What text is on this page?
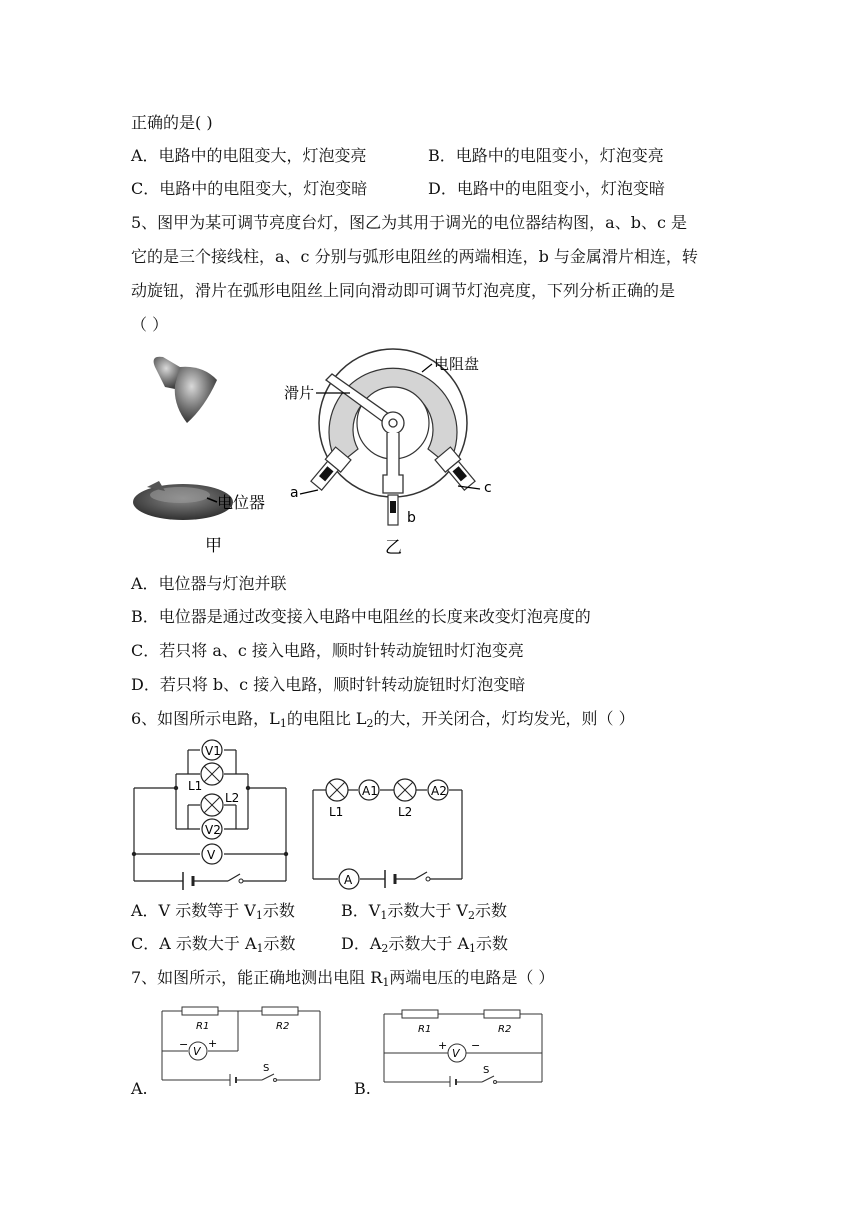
正确的是( )
A．电路中的电阻变大，灯泡变亮	B．电路中的电阻变小，灯泡变亮
C．电路中的电阻变大，灯泡变暗	D．电路中的电阻变小，灯泡变暗
5、图甲为某可调节亮度台灯，图乙为其用于调光的电位器结构图，a、b、c 是
它的是三个接线柱，a、c 分别与弧形电阻丝的两端相连，b 与金属滑片相连，转
动旋钮，滑片在弧形电阻丝上同向滑动即可调节灯泡亮度，下列分析正确的是
（ ）
电位器
甲
电阻盘
滑片
a
b
c
乙
A．电位器与灯泡并联
B．电位器是通过改变接入电路中电阻丝的长度来改变灯泡亮度的
C．若只将 a、c 接入电路，顺时针转动旋钮时灯泡变亮
D．若只将 b、c 接入电路，顺时针转动旋钮时灯泡变暗
6、如图所示电路，$L_1$的电阻比 $L_2$的大，开关闭合，灯均发光，则（ ）
V1
L1
L2
V2
V
L1
A1
L2
A2
A
A．V 示数等于 $V_1$示数	B．$V_1$示数大于 $V_2$示数
C．A 示数大于 $A_1$示数	D．$A_2$示数大于 $A_1$示数
7、如图所示，能正确地测出电阻 $R_1$两端电压的电路是（ ）
A.
V
− +
R1	R2
S
B.
V
+ −
R1	R2
S
